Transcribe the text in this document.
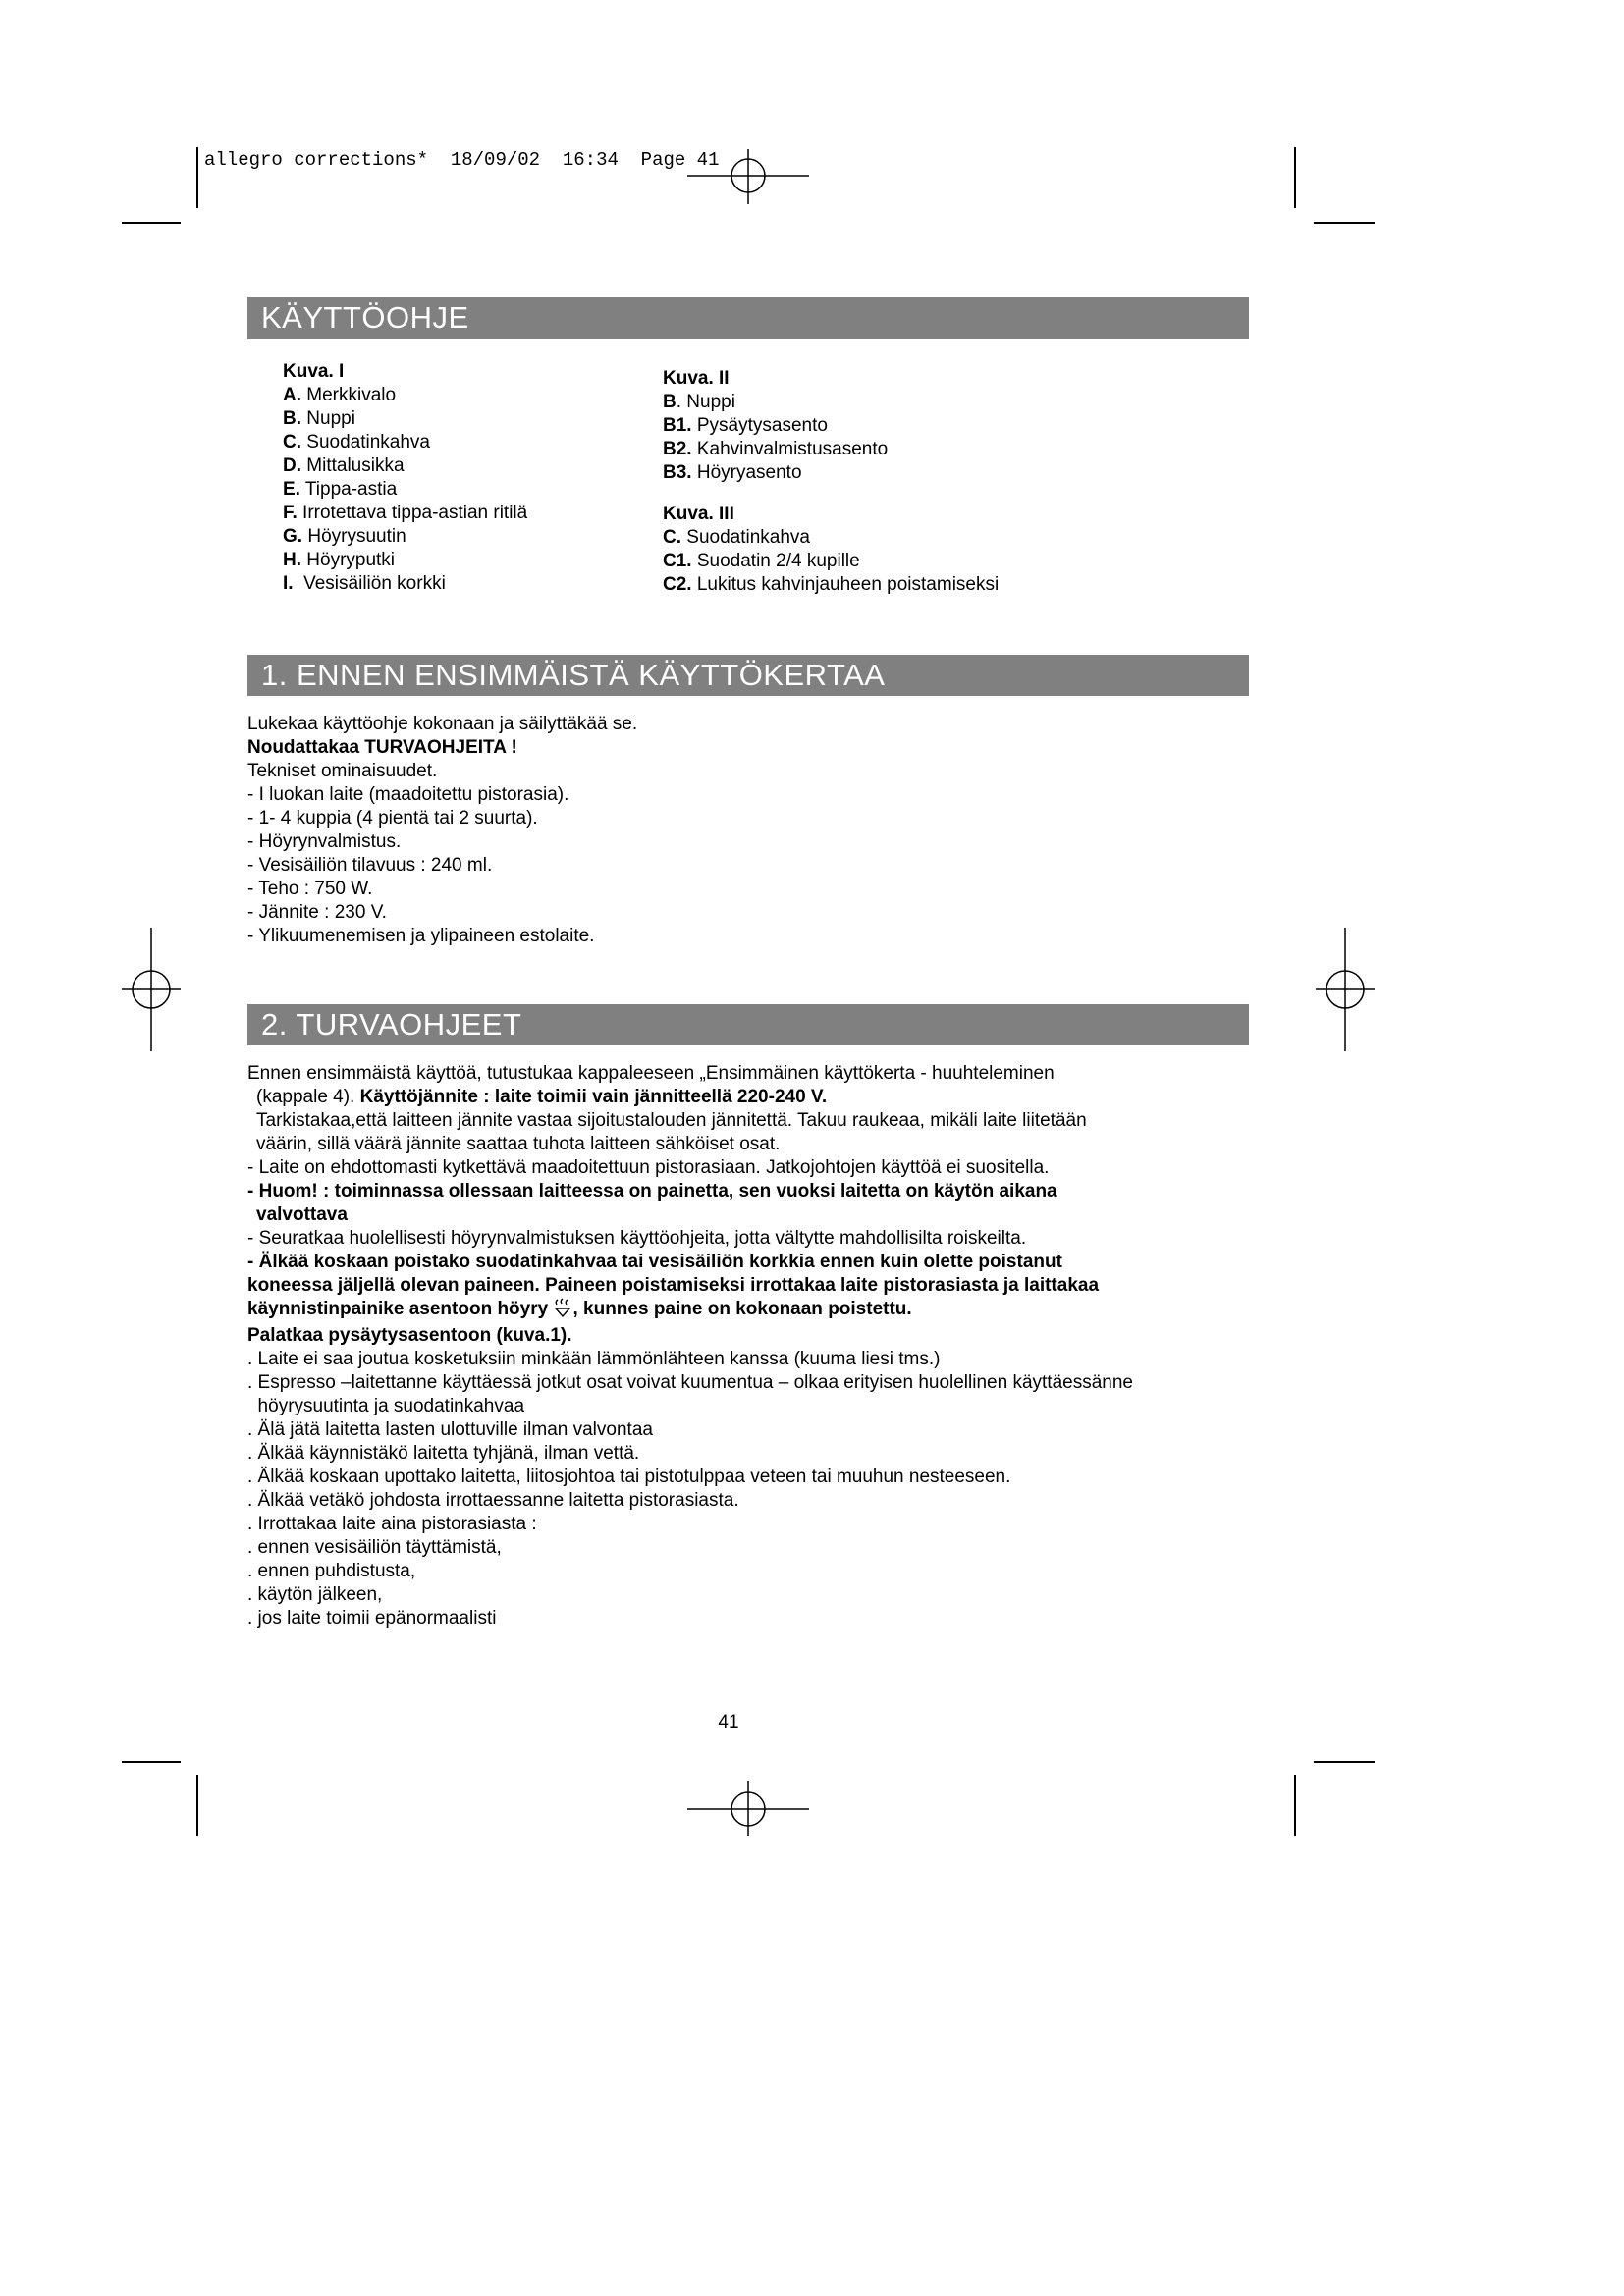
allegro corrections*  18/09/02  16:34  Page 41
KÄYTTÖOHJE
Kuva. I
A. Merkkivalo
B. Nuppi
C. Suodatinkahva
D. Mittalusikka
E. Tippa-astia
F. Irrotettava tippa-astian ritilä
G. Höyrysuutin
H. Höyryputki
I.  Vesisäiliön korkki
Kuva. II
B. Nuppi
B1. Pysäytysasento
B2. Kahvinvalmistusasento
B3. Höyryasento
Kuva. III
C. Suodatinkahva
C1. Suodatin 2/4 kupille
C2. Lukitus kahvinjauheen poistamiseksi
1. ENNEN ENSIMMÄISTÄ KÄYTTÖKERTAA
Lukekaa käyttöohje kokonaan ja säilyttäkää se.
Noudattakaa TURVAOHJEITA !
Tekniset ominaisuudet.
- I luokan laite (maadoitettu pistorasia).
- 1- 4 kuppia (4 pientä tai 2 suurta).
- Höyrynvalmistus.
- Vesisäiliön tilavuus : 240 ml.
- Teho : 750 W.
- Jännite : 230 V.
- Ylikuumenemisen ja ylipaineen estolaite.
2. TURVAOHJEET
Ennen ensimmäistä käyttöä, tutustukaa kappaleeseen „Ensimmäinen käyttökerta - huuhteleminen
(kappale 4). Käyttöjännite : laite toimii vain jännitteellä 220-240 V.
Tarkistakaa,että laitteen jännite vastaa sijoitustalouden jännitettä. Takuu raukeaa, mikäli laite liitetään
väärin, sillä väärä jännite saattaa tuhota laitteen sähköiset osat.
- Laite on ehdottomasti kytkettävä maadoitettuun pistorasiaan. Jatkojohtojen käyttöä ei suositella.
- Huom! : toiminnassa ollessaan laitteessa on painetta, sen vuoksi laitetta on käytön aikana
valvottava
- Seuratkaa huolellisesti höyrynvalmistuksen käyttöohjeita, jotta vältytte mahdollisilta roiskeilta.
- Älkää koskaan poistako suodatinkahvaa tai vesisäiliön korkkia ennen kuin olette poistanut
koneessa jäljellä olevan paineen. Paineen poistamiseksi irrottakaa laite pistorasiasta ja laittakaa
käynnistinpainike asentoon höyry , kunnes paine on kokonaan poistettu.
Palatkaa pysäytysasentoon (kuva.1).
. Laite ei saa joutua kosketuksiin minkään lämmönlähteen kanssa (kuuma liesi tms.)
. Espresso –laitettanne käyttäessä jotkut osat voivat kuumentua – olkaa erityisen huolellinen käyttäessänne
höyrysuutinta ja suodatinkahvaa
. Älä jätä laitetta lasten ulottuville ilman valvontaa
. Älkää käynnistäkö laitetta tyhjänä, ilman vettä.
. Älkää koskaan upottako laitetta, liitosjohtoa tai pistotulppaa veteen tai muuhun nesteeseen.
. Älkää vetäkö johdosta irrottaessanne laitetta pistorasiasta.
. Irrottakaa laite aina pistorasiasta :
. ennen vesisäiliön täyttämistä,
. ennen puhdistusta,
. käytön jälkeen,
. jos laite toimii epänormaalisti
41
